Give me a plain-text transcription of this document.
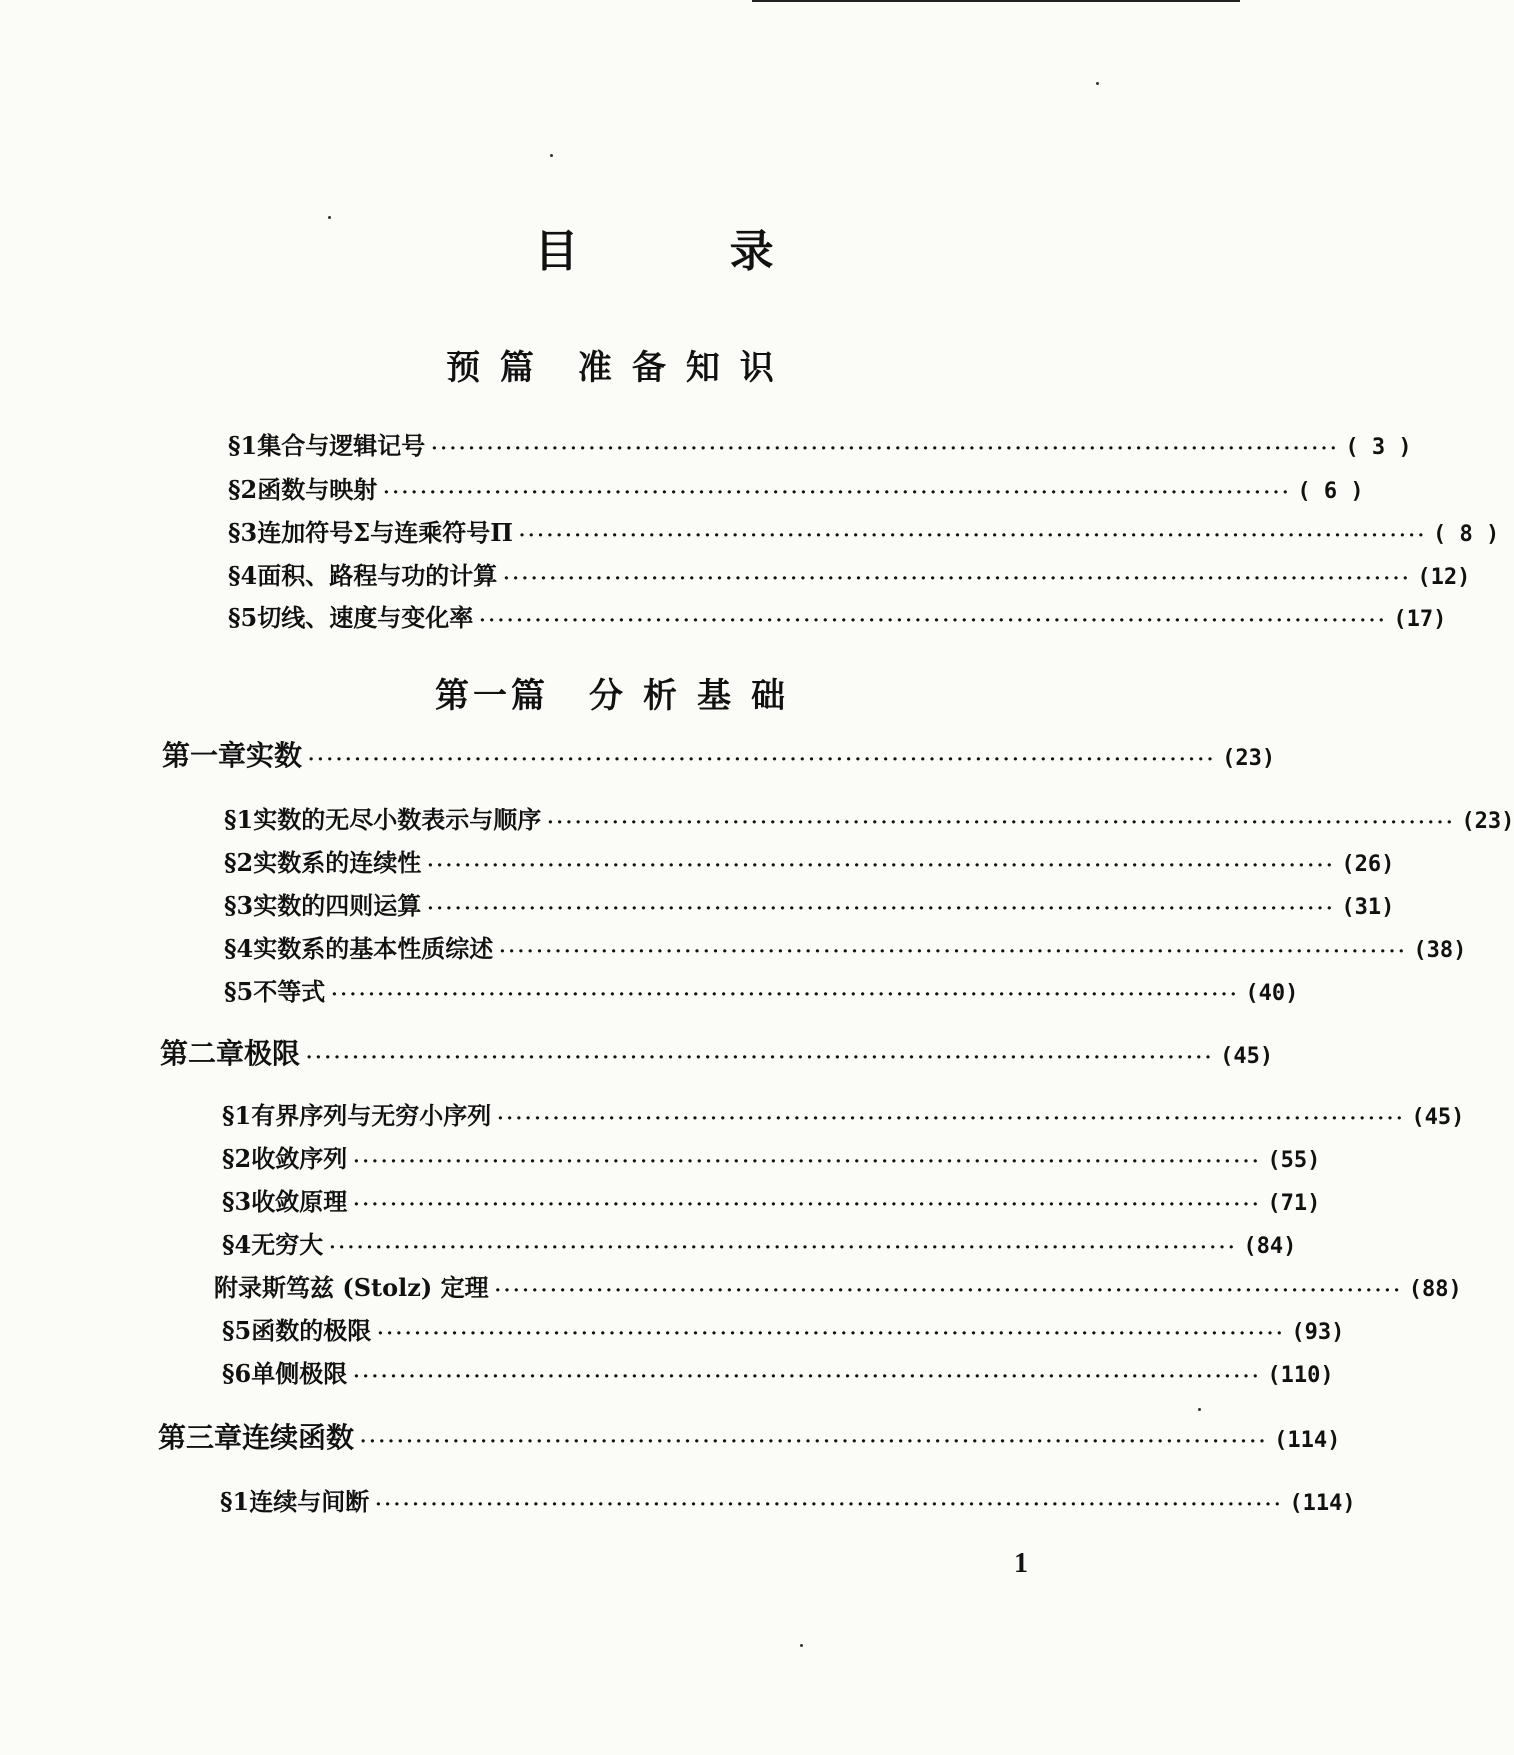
目 录
预 篇 准备知识
§1 集合与逻辑记号 ·································································································· ( 3 )
§2 函数与映射 ·································································································· ( 6 )
§3 连加符号Σ与连乘符号Π ·································································································· ( 8 )
§4 面积、路程与功的计算 ·································································································· (12)
§5 切线、速度与变化率 ·································································································· (17)
第一篇 分析基础
第一章 实数 ·································································································· (23)
§1 实数的无尽小数表示与顺序 ·································································································· (23)
§2 实数系的连续性 ·································································································· (26)
§3 实数的四则运算 ·································································································· (31)
§4 实数系的基本性质综述 ·································································································· (38)
§5 不等式 ·································································································· (40)
第二章 极限 ·································································································· (45)
§1 有界序列与无穷小序列 ·································································································· (45)
§2 收敛序列 ·································································································· (55)
§3 收敛原理 ·································································································· (71)
§4 无穷大 ·································································································· (84)
附录 斯笃兹 (Stolz) 定理 ·································································································· (88)
§5 函数的极限 ·································································································· (93)
§6 单侧极限 ·································································································· (110)
第三章 连续函数 ·································································································· (114)
§1 连续与间断 ·································································································· (114)
1
